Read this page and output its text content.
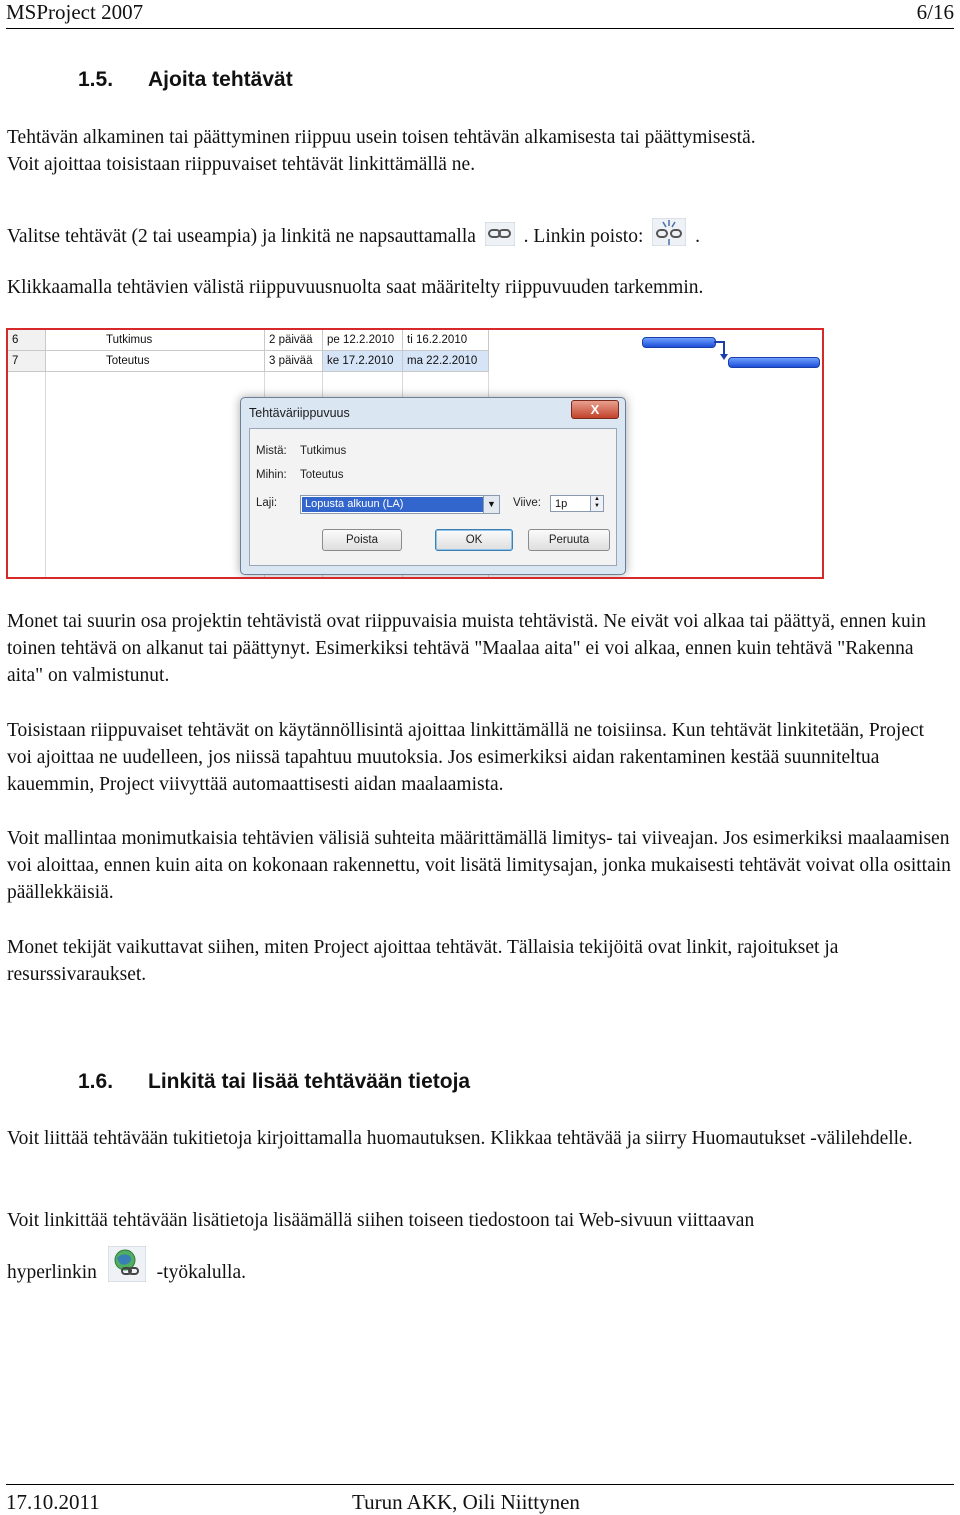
MSProject 2007	6/16
1.5. Ajoita tehtävät
Tehtävän alkaminen tai päättyminen riippuu usein toisen tehtävän alkamisesta tai päättymisestä.
Voit ajoittaa toisistaan riippuvaiset tehtävät linkittämällä ne.
Valitse tehtävät (2 tai useampia) ja linkitä ne napsauttamalla . Linkin poisto:	.
Klikkaamalla tehtävien välistä riippuvuusnuolta saat määritelty riippuvuuden tarkemmin.
6	Tutkimus	2 päivää	pe 12.2.2010	ti 16.2.2010
7	Toteutus	3 päivää	ke 17.2.2010	ma 22.2.2010
Tehtäväriippuvuus	X
Mistä: Tutkimus
Mihin: Toteutus
Laji:	Lopusta alkuun (LA)	▼ Viive:	1p	▲
▼
Poista	OK	Peruuta
Monet tai suurin osa projektin tehtävistä ovat riippuvaisia muista tehtävistä. Ne eivät voi alkaa tai päättyä, ennen kuin toinen tehtävä on alkanut tai päättynyt. Esimerkiksi tehtävä "Maalaa aita" ei voi alkaa, ennen kuin tehtävä "Rakenna aita" on valmistunut.
Toisistaan riippuvaiset tehtävät on käytännöllisintä ajoittaa linkittämällä ne toisiinsa. Kun tehtävät linkitetään, Project voi ajoittaa ne uudelleen, jos niissä tapahtuu muutoksia. Jos esimerkiksi aidan rakentaminen kestää suunniteltua kauemmin, Project viivyttää automaattisesti aidan maalaamista.
Voit mallintaa monimutkaisia tehtävien välisiä suhteita määrittämällä limitys- tai viiveajan. Jos esimerkiksi maalaamisen voi aloittaa, ennen kuin aita on kokonaan rakennettu, voit lisätä limitysajan, jonka mukaisesti tehtävät voivat olla osittain päällekkäisiä.
Monet tekijät vaikuttavat siihen, miten Project ajoittaa tehtävät. Tällaisia tekijöitä ovat linkit, rajoitukset ja resurssivaraukset.
1.6. Linkitä tai lisää tehtävään tietoja
Voit liittää tehtävään tukitietoja kirjoittamalla huomautuksen. Klikkaa tehtävää ja siirry Huomautukset -välilehdelle.
Voit linkittää tehtävään lisätietoja lisäämällä siihen toiseen tiedostoon tai Web-sivuun viittaavan
hyperlinkin	-työkalulla.
17.10.2011	Turun AKK, Oili Niittynen
